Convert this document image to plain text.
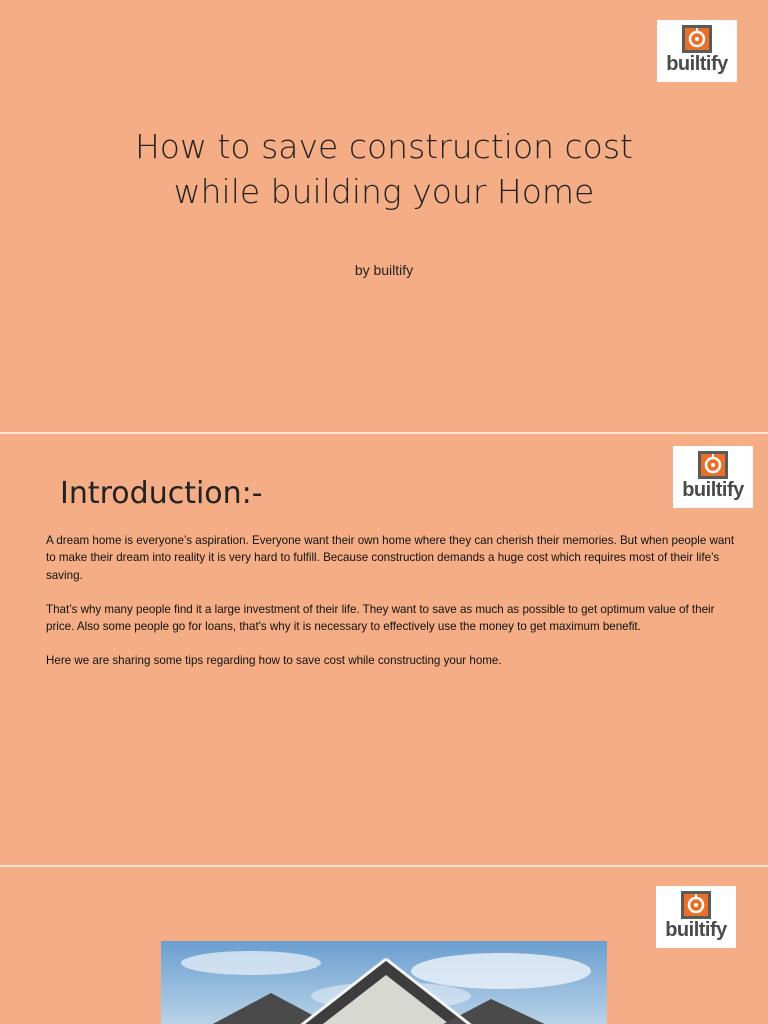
builtify
How to save construction cost
while building your Home
by builtify
builtify
Introduction:-

A dream home is everyone’s aspiration. Everyone want their own home where they can cherish their memories. But when people want to make their dream into reality it is very hard to fulfill. Because construction demands a huge cost which requires most of their life’s saving.

That’s why many people find it a large investment of their life. They want to save as much as possible to get optimum value of their price. Also some people go for loans, that's why it is necessary to effectively use the money to get maximum benefit.

Here we are sharing some tips regarding how to save cost while constructing your home.

builtify
